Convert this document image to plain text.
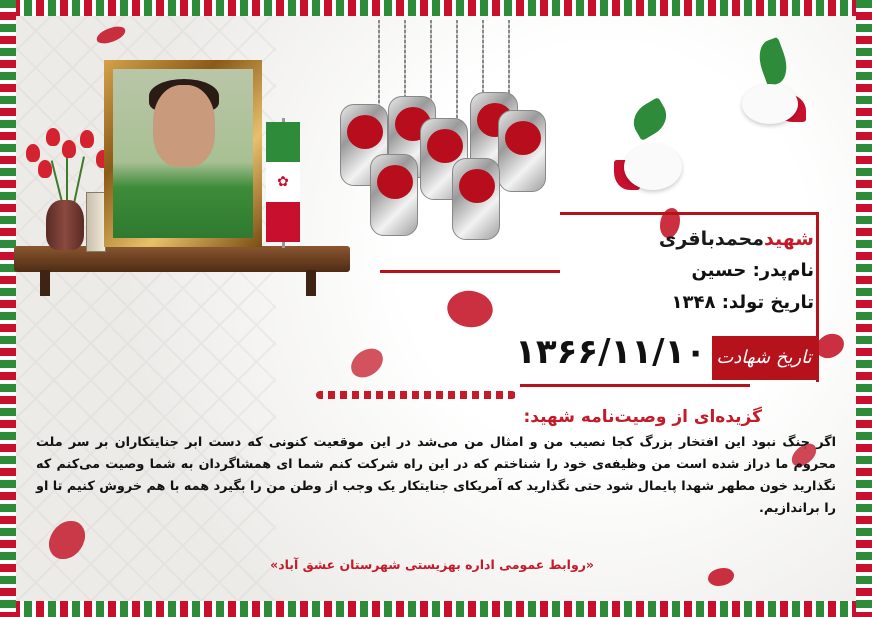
✿
شهیدمحمدباقری
نام‌پدر: حسین
تاریخ تولد: ۱۳۴۸
۱۳۶۶/۱۱/۱۰ تاریخ شهادت
گزیده‌ای از وصیت‌نامه شهید:
اگر جنگ نبود این افتخار بزرگ کجا نصیب من و امثال من می‌شد در این موقعیت کنونی که دست ابر جنایتکاران بر سر ملت محروم ما دراز شده است من وظیفه‌ی خود را شناختم که در این راه شرکت کنم شما ای همشاگردان به شما وصیت می‌کنم که نگذارید خون مطهر شهدا پایمال شود حتی نگذارید که آمریکای جنایتکار یک وجب از وطن من را بگیرد همه با هم خروش کنیم تا او را براندازیم.
«روابط عمومی اداره بهزیستی شهرستان عشق آباد»
